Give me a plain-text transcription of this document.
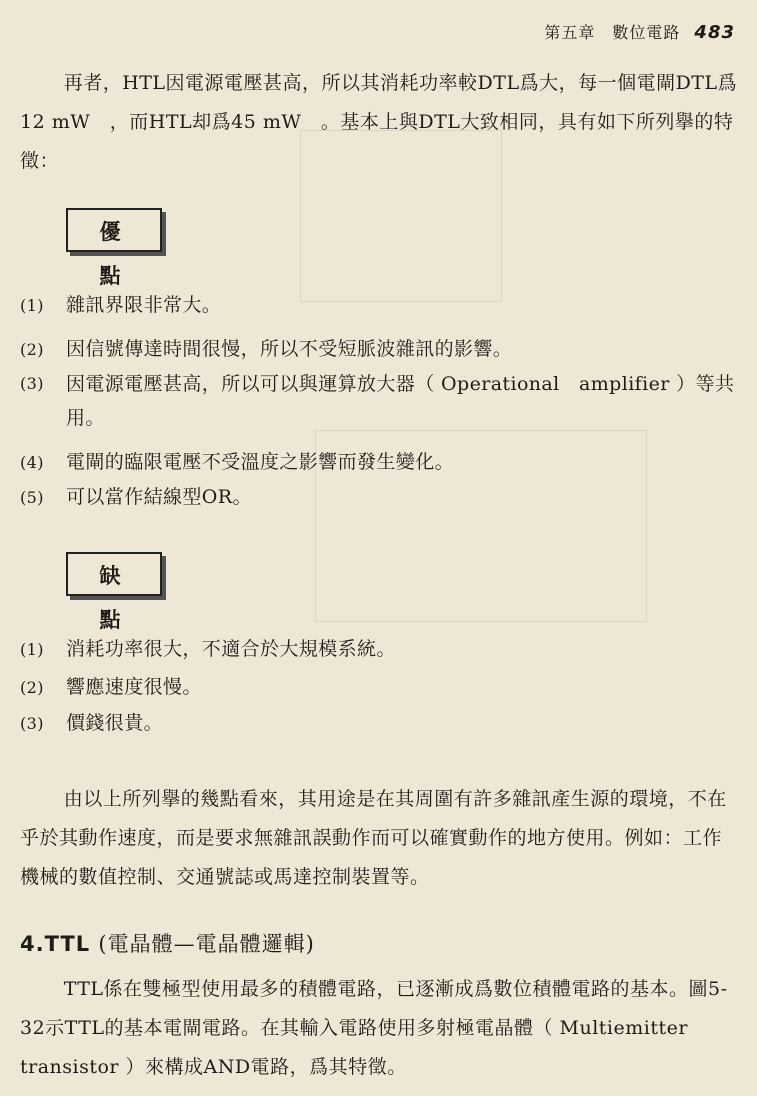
第五章　數位電路 483
再者，HTL因電源電壓甚高，所以其消耗功率較DTL爲大，每一個電閘DTL爲12 mW　，而HTL却爲45 mW　。基本上與DTL大致相同，具有如下所列擧的特徵：
優 點
(1) 雜訊界限非常大。
(2) 因信號傳達時間很慢，所以不受短脈波雜訊的影響。
(3)	因電源電壓甚高，所以可以與運算放大器（ Operational　amplifier ）等共用。
(4) 電閘的臨限電壓不受溫度之影響而發生變化。
(5) 可以當作結線型OR。
缺 點
(1) 消耗功率很大，不適合於大規模系統。
(2) 響應速度很慢。
(3) 價錢很貴。
由以上所列擧的幾點看來，其用途是在其周圍有許多雜訊產生源的環境，不在乎於其動作速度，而是要求無雜訊誤動作而可以確實動作的地方使用。例如：工作機械的數值控制、交通號誌或馬達控制裝置等。
4.TTL (電晶體—電晶體邏輯)
TTL係在雙極型使用最多的積體電路，已逐漸成爲數位積體電路的基本。圖5-32示TTL的基本電閘電路。在其輸入電路使用多射極電晶體（ Multiemitter　transistor ）來構成AND電路，爲其特徵。
